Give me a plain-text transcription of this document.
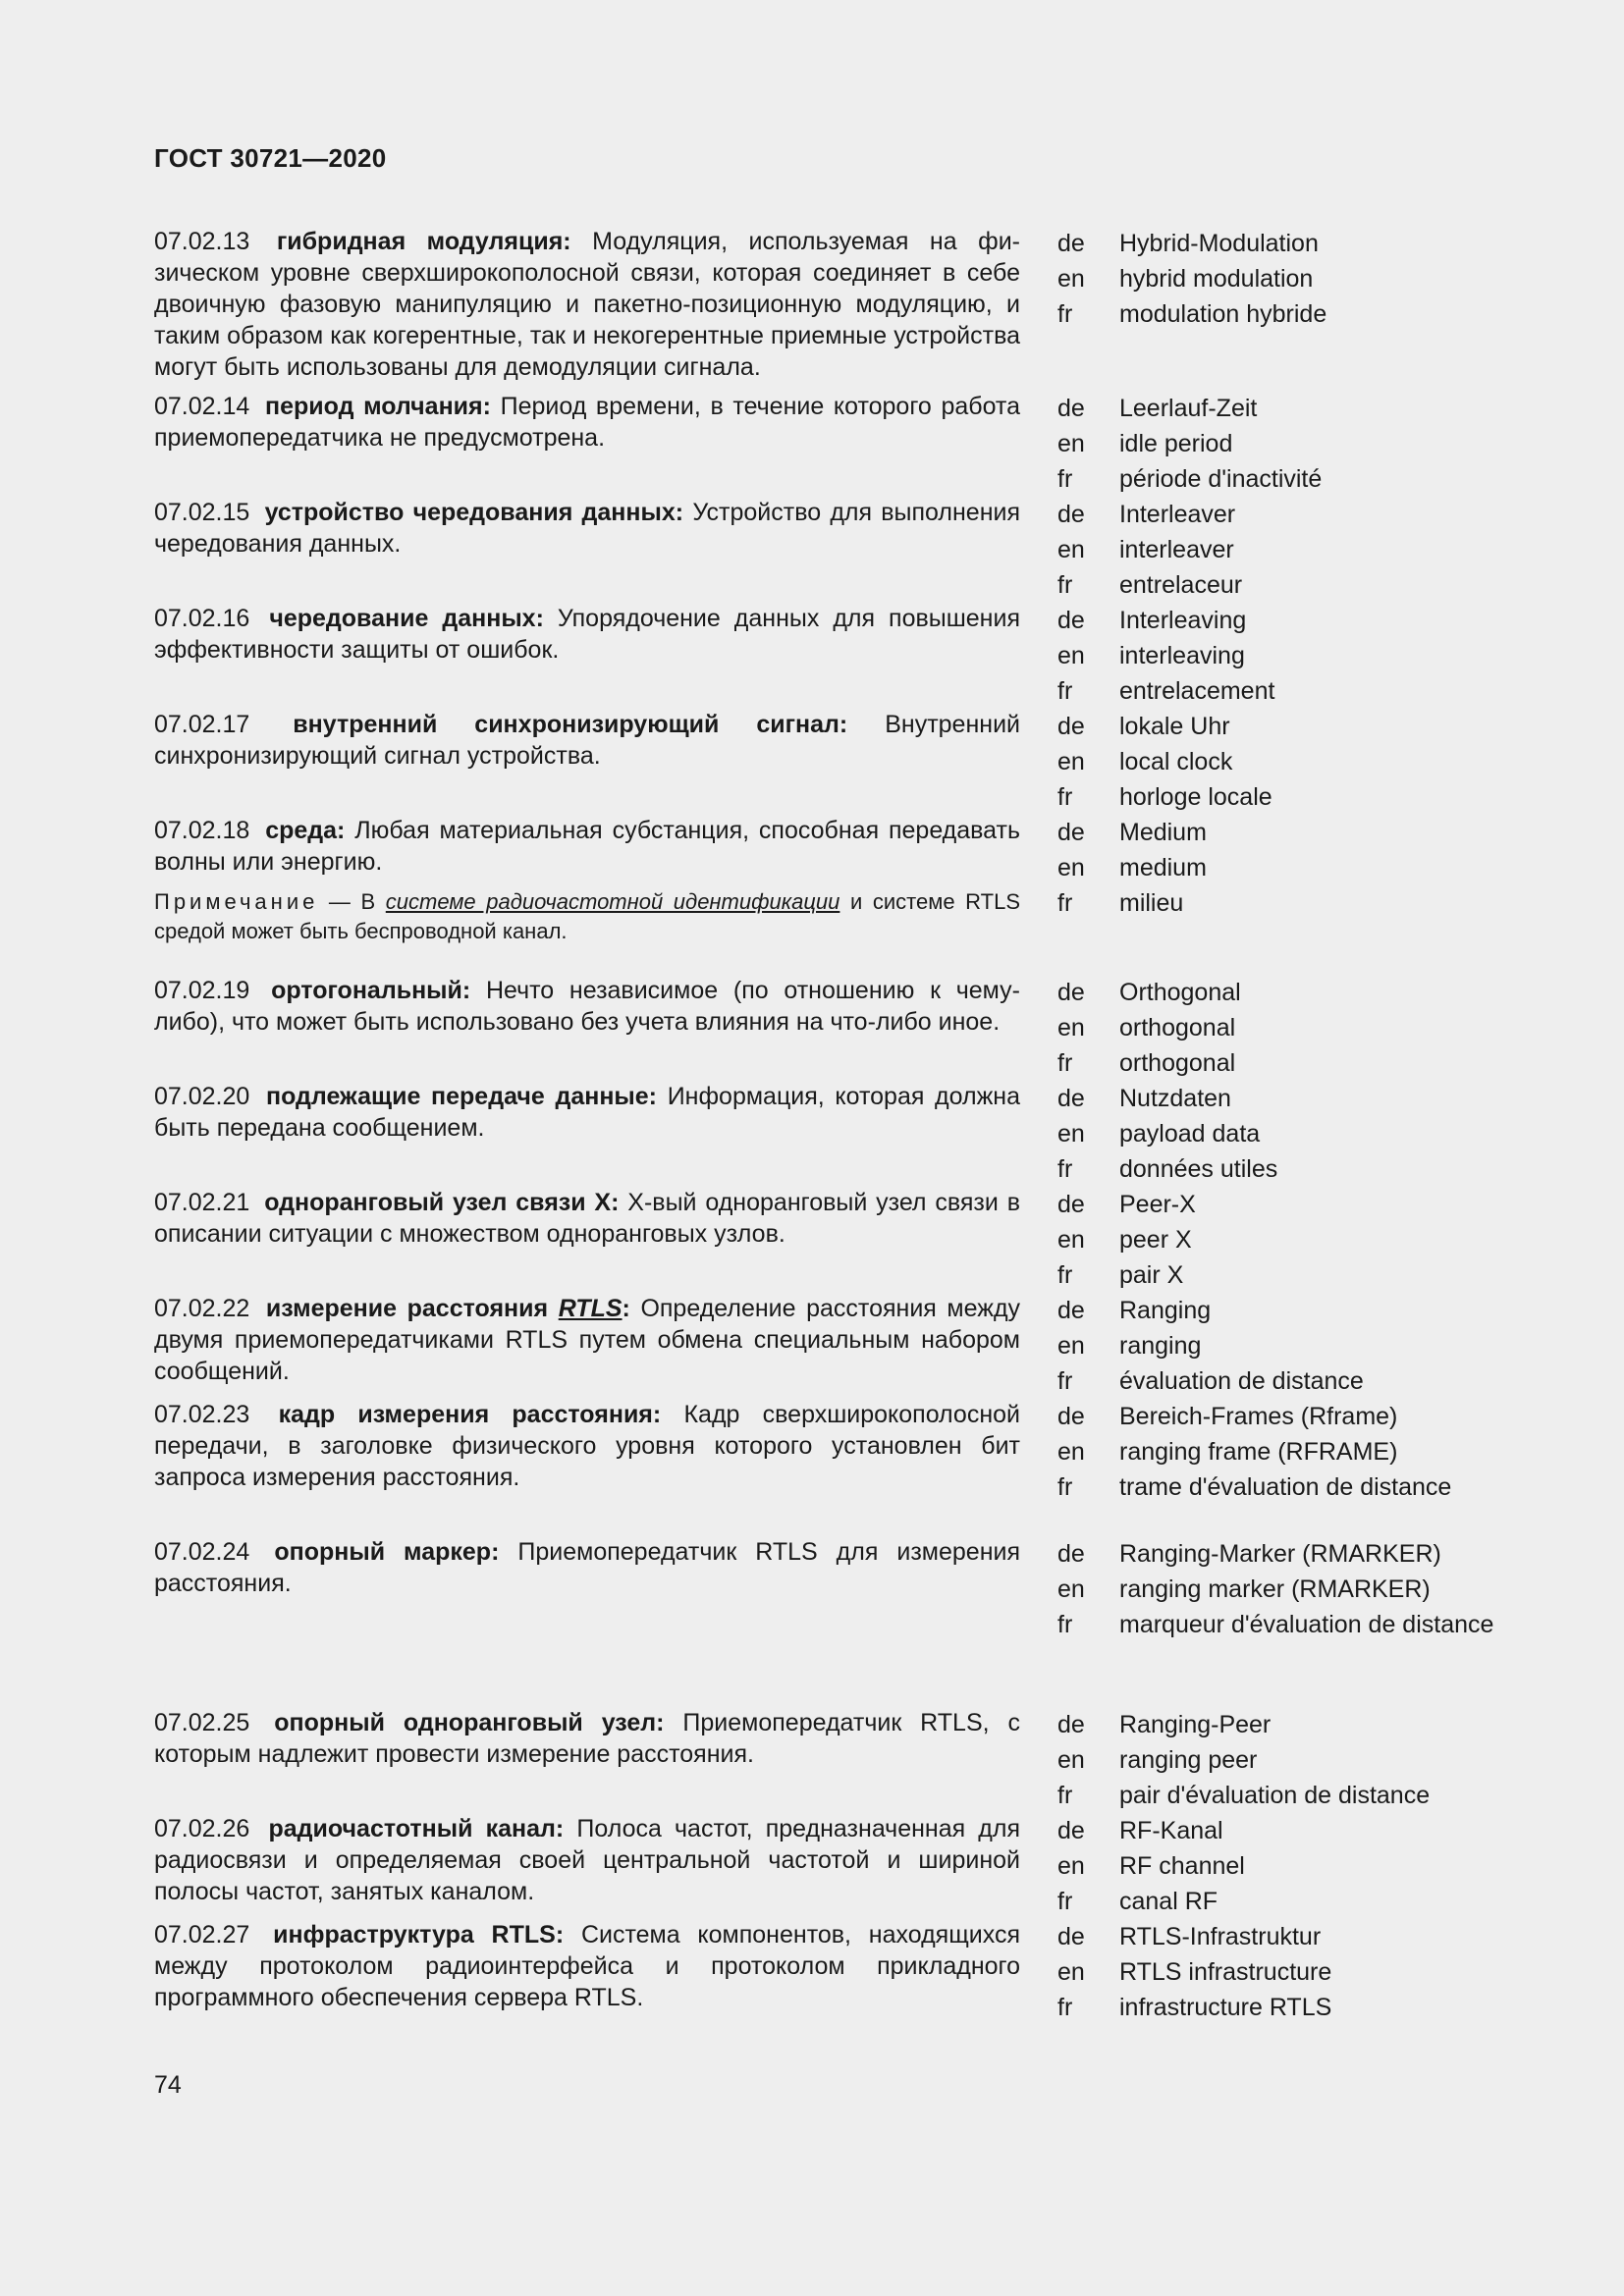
ГОСТ 30721—2020
07.02.13 гибридная модуляция: Модуляция, используемая на физическом уровне сверхширокополосной связи, которая соединяет в себе двоичную фазовую манипуляцию и пакетно-позиционную модуляцию, и таким образом как когерентные, так и некогерентные приемные устройства могут быть использованы для демодуляции сигнала.
de	Hybrid-Modulation
en	hybrid modulation
fr	modulation hybride
07.02.14 период молчания: Период времени, в течение которого работа приемопередатчика не предусмотрена.
de	Leerlauf-Zeit
en	idle period
fr	période d'inactivité
07.02.15 устройство чередования данных: Устройство для выполнения чередования данных.
de	Interleaver
en	interleaver
fr	entrelaceur
07.02.16 чередование данных: Упорядочение данных для повышения эффективности защиты от ошибок.
de	Interleaving
en	interleaving
fr	entrelacement
07.02.17 внутренний синхронизирующий сигнал: Внутренний синхронизирующий сигнал устройства.
de	lokale Uhr
en	local clock
fr	horloge locale
07.02.18 среда: Любая материальная субстанция, способная передавать волны или энергию.
Примечание — В системе радиочастотной идентификации и системе RTLS средой может быть беспроводной канал.
de	Medium
en	medium
fr	milieu
07.02.19 ортогональный: Нечто независимое (по отношению к чему-либо), что может быть использовано без учета влияния на что-либо иное.
de	Orthogonal
en	orthogonal
fr	orthogonal
07.02.20 подлежащие передаче данные: Информация, которая должна быть передана сообщением.
de	Nutzdaten
en	payload data
fr	données utiles
07.02.21 одноранговый узел связи X: X-вый одноранговый узел связи в описании ситуации с множеством одноранговых узлов.
de	Peer-X
en	peer X
fr	pair X
07.02.22 измерение расстояния RTLS: Определение расстояния между двумя приемопередатчиками RTLS путем обмена специальным набором сообщений.
de	Ranging
en	ranging
fr	évaluation de distance
07.02.23 кадр измерения расстояния: Кадр сверхширокополосной передачи, в заголовке физического уровня которого установлен бит запроса измерения расстояния.
de	Bereich-Frames (Rframe)
en	ranging frame (RFRAME)
fr	trame d'évaluation de distance
07.02.24 опорный маркер: Приемопередатчик RTLS для измерения расстояния.
de	Ranging-Marker (RMARKER)
en	ranging marker (RMARKER)
fr	marqueur d'évaluation de distance
07.02.25 опорный одноранговый узел: Приемопередатчик RTLS, с которым надлежит провести измерение расстояния.
de	Ranging-Peer
en	ranging peer
fr	pair d'évaluation de distance
07.02.26 радиочастотный канал: Полоса частот, предназначенная для радиосвязи и определяемая своей центральной частотой и шириной полосы частот, занятых каналом.
de	RF-Kanal
en	RF channel
fr	canal RF
07.02.27 инфраструктура RTLS: Система компонентов, находящихся между протоколом радиоинтерфейса и протоколом прикладного программного обеспечения сервера RTLS.
de	RTLS-Infrastruktur
en	RTLS infrastructure
fr	infrastructure RTLS
74
